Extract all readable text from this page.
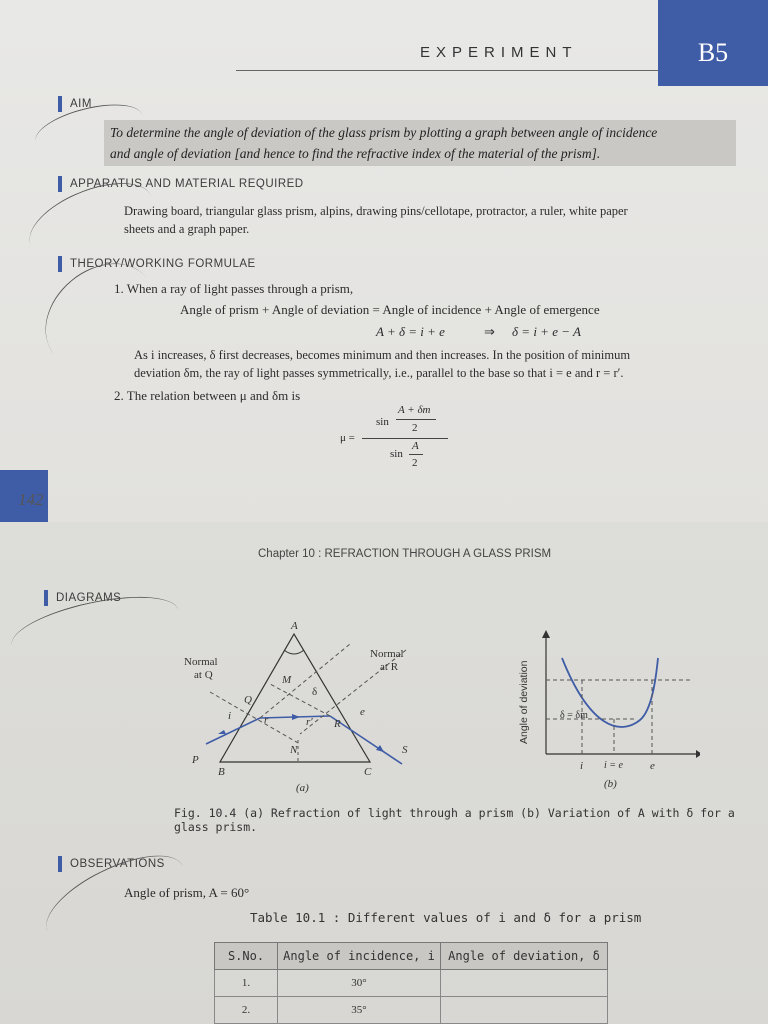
EXPERIMENT	B5
AIM
To determine the angle of deviation of the glass prism by plotting a graph between angle of incidence
and angle of deviation [and hence to find the refractive index of the material of the prism].
APPARATUS AND MATERIAL REQUIRED
Drawing board, triangular glass prism, alpins, drawing pins/cellotape, protractor, a ruler, white paper
sheets and a graph paper.
THEORY/WORKING FORMULAE
1. When a ray of light passes through a prism,
Angle of prism + Angle of deviation = Angle of incidence + Angle of emergence
A + δ = i + e	⇒ δ = i + e − A
As i increases, δ first decreases, becomes minimum and then increases. In the position of minimum
deviation δm, the ray of light passes symmetrically, i.e., parallel to the base so that i = e and r = r′.
2. The relation between μ and δm is
μ =
sin
A + δm
2
sin
A
2
142
Chapter 10 : REFRACTION THROUGH A GLASS PRISM
DIAGRAMS
A
Normal
at Q
Normal
at R
M
δ
Q
i	r	r′ R
e
N
P
S
B	C
(a)
Angle of deviation	δ = δm
i i = e e
(b)
Fig. 10.4 (a) Refraction of light through a prism (b) Variation of A with δ for a glass prism.
OBSERVATIONS
Angle of prism, A = 60°
Table 10.1 : Different values of i and δ for a prism
S.No.	Angle of incidence, i	Angle of deviation, δ
1.	30°	
2.	35°	
